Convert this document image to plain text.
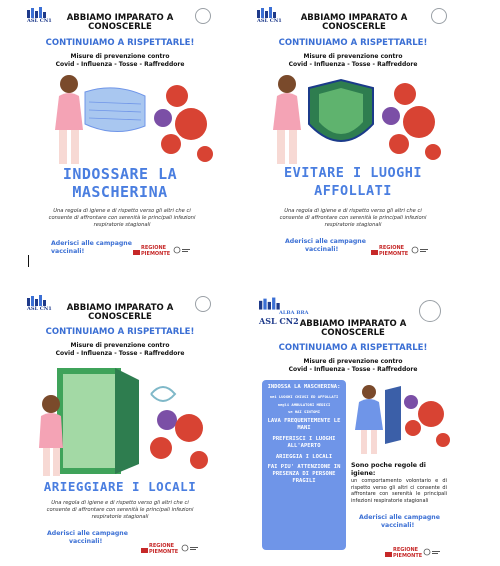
ASL CN1	ABBIAMO IMPARATO A CONOSCERLE
CONTINUIAMO A RISPETTARLE!
Misure di prevenzione contro
Covid - Influenza - Tosse - Raffreddore
INDOSSARE LA
MASCHERINA
Una regola di igiene e di rispetto verso gli altri che ci consente di affrontare con serenità le principali infezioni respiratorie stagionali
Aderisci alle campagne
vaccinali!	REGIONE
PIEMONTE
ASL CN1	ABBIAMO IMPARATO A CONOSCERLE
CONTINUIAMO A RISPETTARLE!
Misure di prevenzione contro
Covid - Influenza - Tosse - Raffreddore
EVITARE I LUOGHI
AFFOLLATI
Una regola di igiene e di rispetto verso gli altri che ci consente di affrontare con serenità le principali infezioni respiratorie stagionali
Aderisci alle campagne
vaccinali!	REGIONE
PIEMONTE
ASL CN1	ABBIAMO IMPARATO A CONOSCERLE
CONTINUIAMO A RISPETTARLE!
Misure di prevenzione contro
Covid - Influenza - Tosse - Raffreddore
ARIEGGIARE I LOCALI
Una regola di igiene e di rispetto verso gli altri che ci consente di affrontare con serenità le principali infezioni respiratorie stagionali
Aderisci alle campagne
vaccinali!
REGIONE
PIEMONTE
ALBA BRA
ASL CN2 ABBIAMO IMPARATO A CONOSCERLE
CONTINUIAMO A RISPETTARLE!
Misure di prevenzione contro
Covid - Influenza - Tosse - Raffreddore
INDOSSA LA MASCHERINA:
nei LUOGHI CHIUSI ED AFFOLLATI
negli AMBULATORI MEDICI
se HAI SINTOMI
LAVA FREQUENTEMENTE LE MANI
PREFERISCI I LUOGHI ALL'APERTO
ARIEGGIA I LOCALI
FAI PIU' ATTENZIONE IN PRESENZA DI PERSONE FRAGILI
Sono poche regole di igiene:
un comportamento volontario e di rispetto verso gli altri ci consente di affrontare con serenità le principali infezioni respiratorie stagionali
Aderisci alle campagne
vaccinali!
REGIONE
PIEMONTE
